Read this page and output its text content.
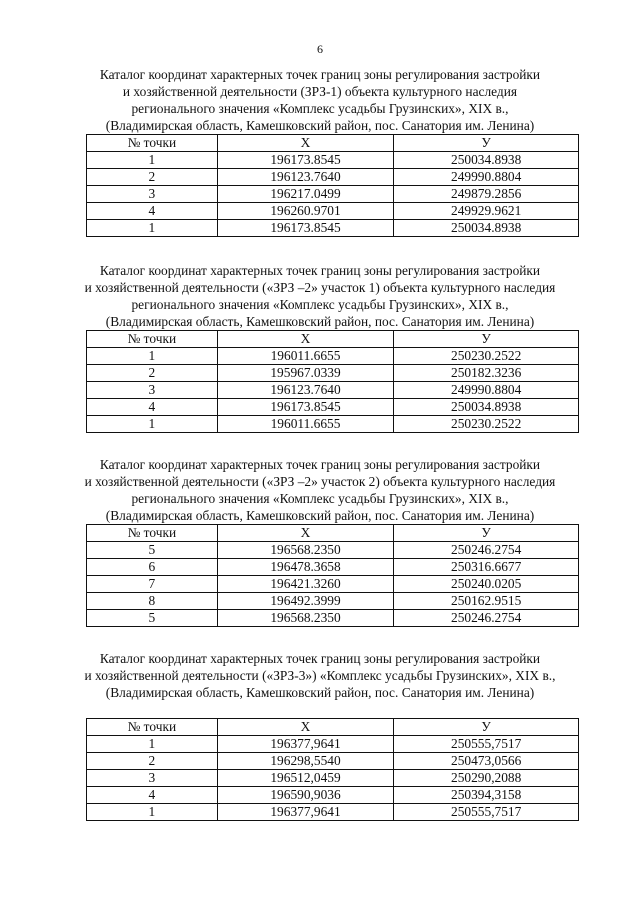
6
Каталог координат характерных точек границ зоны регулирования застройки
и хозяйственной деятельности (ЗРЗ-1) объекта культурного наследия
регионального значения «Комплекс усадьбы Грузинских», XIX в.,
(Владимирская область, Камешковский район, пос. Санатория им. Ленина)
№ точки	X	У
1	196173.8545	250034.8938
2	196123.7640	249990.8804
3	196217.0499	249879.2856
4	196260.9701	249929.9621
1	196173.8545	250034.8938
Каталог координат характерных точек границ зоны регулирования застройки
и хозяйственной деятельности («ЗРЗ –2» участок 1) объекта культурного наследия
регионального значения «Комплекс усадьбы Грузинских», XIX в.,
(Владимирская область, Камешковский район, пос. Санатория им. Ленина)
№ точки	X	У
1	196011.6655	250230.2522
2	195967.0339	250182.3236
3	196123.7640	249990.8804
4	196173.8545	250034.8938
1	196011.6655	250230.2522
Каталог координат характерных точек границ зоны регулирования застройки
и хозяйственной деятельности («ЗРЗ –2» участок 2) объекта культурного наследия
регионального значения «Комплекс усадьбы Грузинских», XIX в.,
(Владимирская область, Камешковский район, пос. Санатория им. Ленина)
№ точки	X	У
5	196568.2350	250246.2754
6	196478.3658	250316.6677
7	196421.3260	250240.0205
8	196492.3999	250162.9515
5	196568.2350	250246.2754
Каталог координат характерных точек границ зоны регулирования застройки
и хозяйственной деятельности («ЗРЗ-3») «Комплекс усадьбы Грузинских», XIX в.,
(Владимирская область, Камешковский район, пос. Санатория им. Ленина)
№ точки	X	У
1	196377,9641	250555,7517
2	196298,5540	250473,0566
3	196512,0459	250290,2088
4	196590,9036	250394,3158
1	196377,9641	250555,7517
